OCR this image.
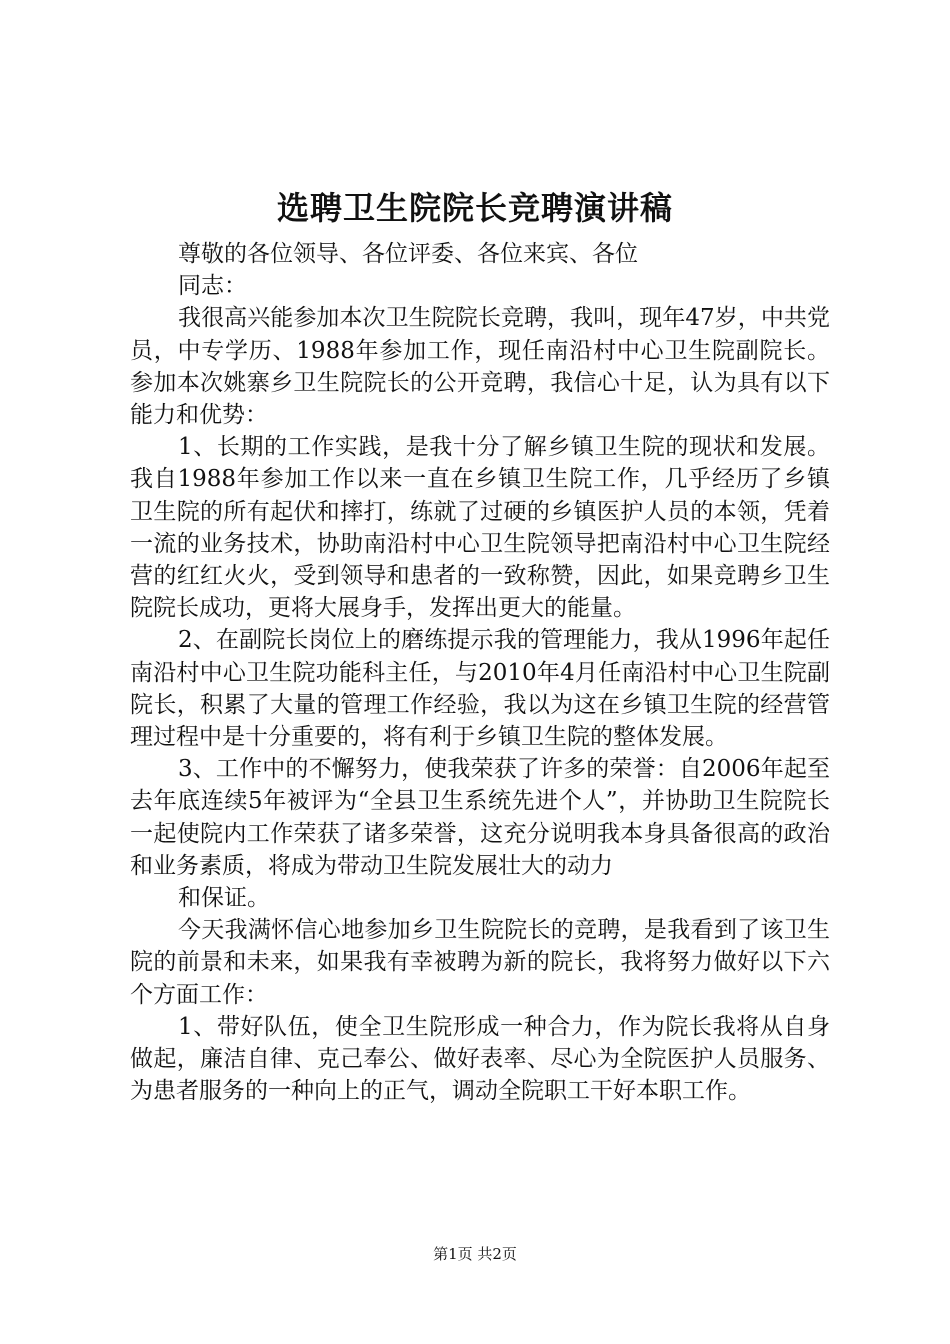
选聘卫生院院长竞聘演讲稿

尊敬的各位领导、各位评委、各位来宾、各位

同志：

我很高兴能参加本次卫生院院长竞聘，我叫，现年47岁，中共党员，中专学历、1988年参加工作，现任南沿村中心卫生院副院长。参加本次姚寨乡卫生院院长的公开竞聘，我信心十足，认为具有以下能力和优势：

1、长期的工作实践，是我十分了解乡镇卫生院的现状和发展。我自1988年参加工作以来一直在乡镇卫生院工作，几乎经历了乡镇卫生院的所有起伏和摔打，练就了过硬的乡镇医护人员的本领，凭着一流的业务技术，协助南沿村中心卫生院领导把南沿村中心卫生院经营的红红火火，受到领导和患者的一致称赞，因此，如果竞聘乡卫生院院长成功，更将大展身手，发挥出更大的能量。

2、在副院长岗位上的磨练提示我的管理能力，我从1996年起任南沿村中心卫生院功能科主任，与2010年4月任南沿村中心卫生院副院长，积累了大量的管理工作经验，我以为这在乡镇卫生院的经营管理过程中是十分重要的，将有利于乡镇卫生院的整体发展。

3、工作中的不懈努力，使我荣获了许多的荣誉：自2006年起至去年底连续5年被评为“全县卫生系统先进个人”，并协助卫生院院长一起使院内工作荣获了诸多荣誉，这充分说明我本身具备很高的政治和业务素质，将成为带动卫生院发展壮大的动力

和保证。

今天我满怀信心地参加乡卫生院院长的竞聘，是我看到了该卫生院的前景和未来，如果我有幸被聘为新的院长，我将努力做好以下六个方面工作：

1、带好队伍，使全卫生院形成一种合力，作为院长我将从自身做起，廉洁自律、克己奉公、做好表率、尽心为全院医护人员服务、为患者服务的一种向上的正气，调动全院职工干好本职工作。

第1页 共2页
